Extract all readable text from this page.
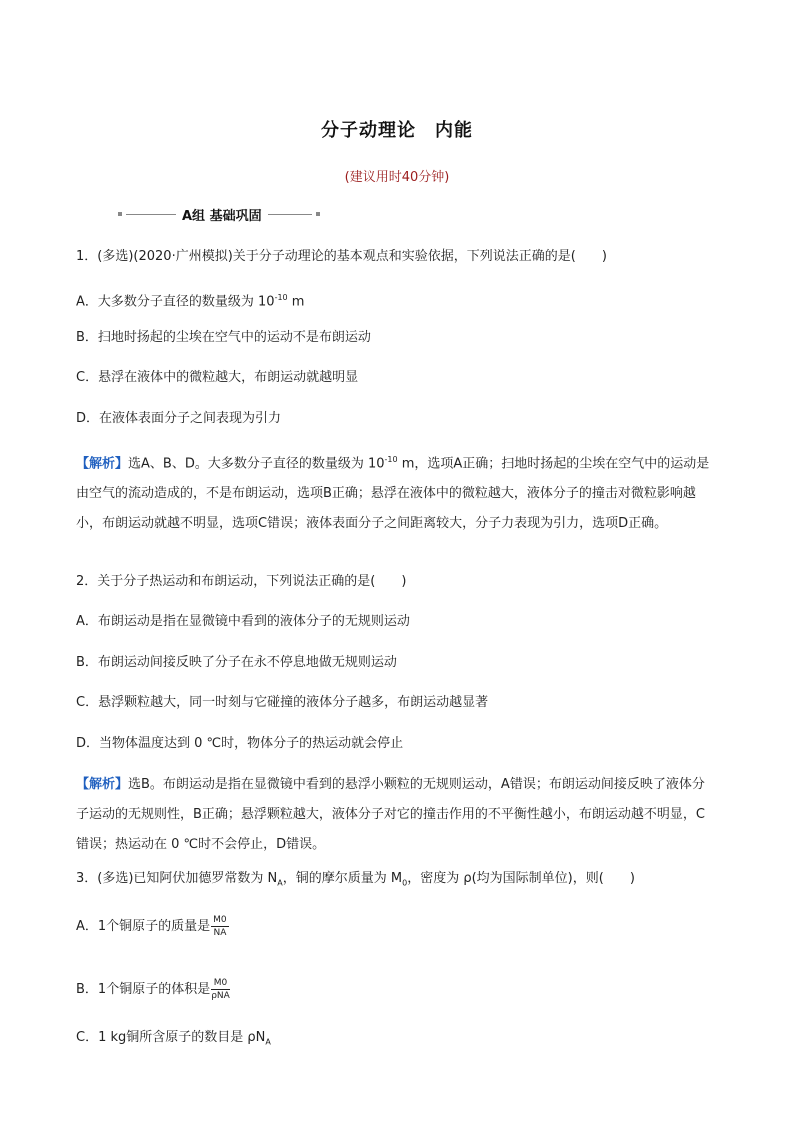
分子动理论　内能
(建议用时40分钟)
A组 基础巩固
1．(多选)(2020·广州模拟)关于分子动理论的基本观点和实验依据，下列说法正确的是(　　)
A．大多数分子直径的数量级为 $10^{-10}$ m
B．扫地时扬起的尘埃在空气中的运动不是布朗运动
C．悬浮在液体中的微粒越大，布朗运动就越明显
D．在液体表面分子之间表现为引力
【解析】选A、B、D。大多数分子直径的数量级为 $10^{-10}$ m，选项A正确；扫地时扬起的尘埃在空气中的运动是由空气的流动造成的，不是布朗运动，选项B正确；悬浮在液体中的微粒越大，液体分子的撞击对微粒影响越小，布朗运动就越不明显，选项C错误；液体表面分子之间距离较大，分子力表现为引力，选项D正确。
2．关于分子热运动和布朗运动，下列说法正确的是(　　)
A．布朗运动是指在显微镜中看到的液体分子的无规则运动
B．布朗运动间接反映了分子在永不停息地做无规则运动
C．悬浮颗粒越大，同一时刻与它碰撞的液体分子越多，布朗运动越显著
D．当物体温度达到 0 ℃时，物体分子的热运动就会停止
【解析】选B。布朗运动是指在显微镜中看到的悬浮小颗粒的无规则运动，A错误；布朗运动间接反映了液体分子运动的无规则性，B正确；悬浮颗粒越大，液体分子对它的撞击作用的不平衡性越小，布朗运动越不明显，C错误；热运动在 0 ℃时不会停止，D错误。
3．(多选)已知阿伏加德罗常数为 $N_A$，铜的摩尔质量为 $M_0$，密度为 ρ(均为国际制单位)，则(　　)
A．1个铜原子的质量是 $\frac{M0}{NA}$
B．1个铜原子的体积是 $\frac{M0}{\text{ρNA}}$
C．1 kg铜所含原子的数目是 $\rho N_A$
